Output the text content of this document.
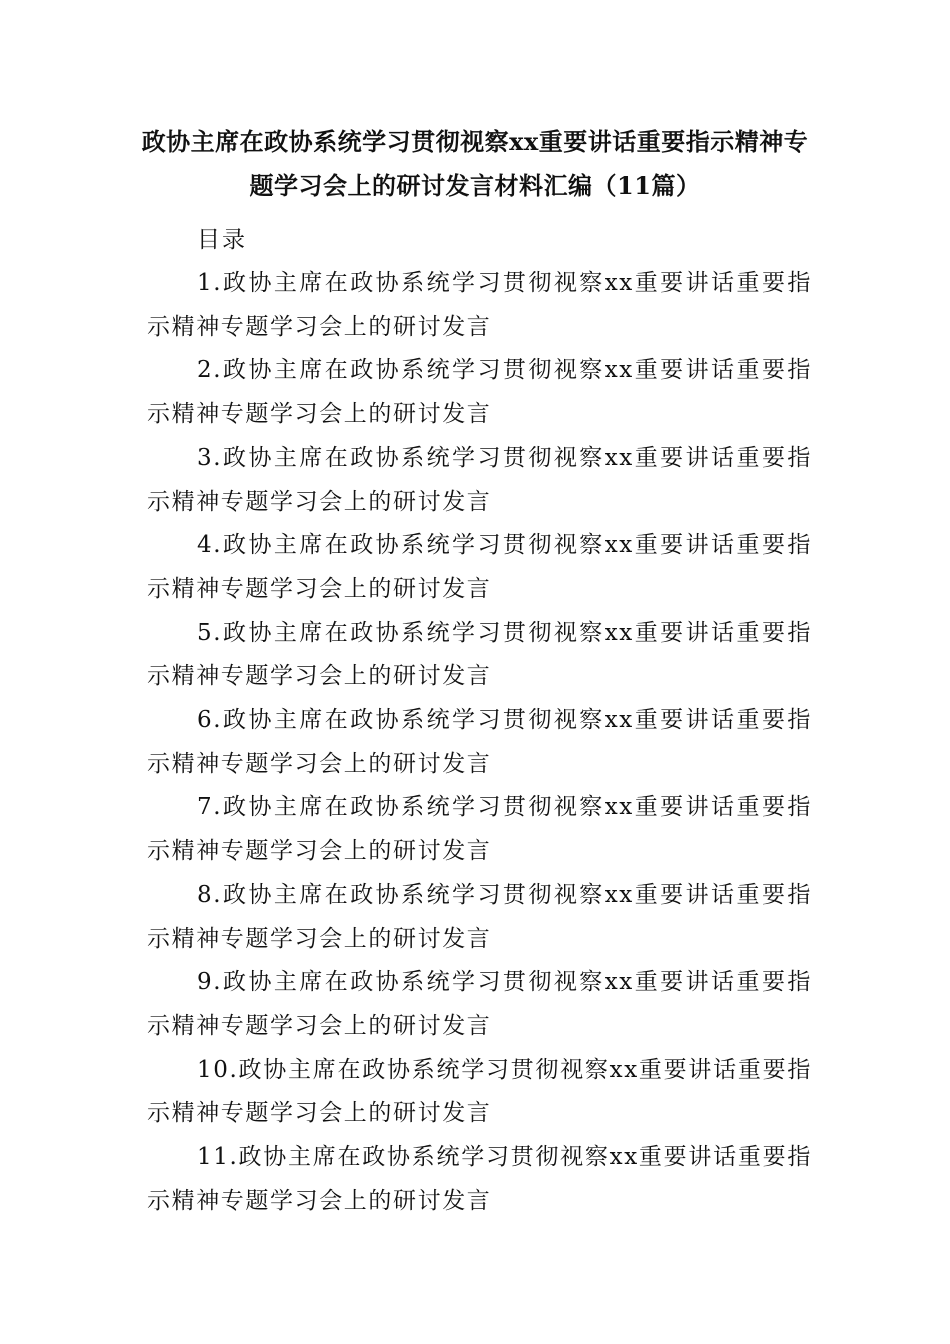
政协主席在政协系统学习贯彻视察xx重要讲话重要指示精神专题学习会上的研讨发言材料汇编（11篇）

目录

1.政协主席在政协系统学习贯彻视察xx重要讲话重要指示精神专题学习会上的研讨发言
2.政协主席在政协系统学习贯彻视察xx重要讲话重要指示精神专题学习会上的研讨发言
3.政协主席在政协系统学习贯彻视察xx重要讲话重要指示精神专题学习会上的研讨发言
4.政协主席在政协系统学习贯彻视察xx重要讲话重要指示精神专题学习会上的研讨发言
5.政协主席在政协系统学习贯彻视察xx重要讲话重要指示精神专题学习会上的研讨发言
6.政协主席在政协系统学习贯彻视察xx重要讲话重要指示精神专题学习会上的研讨发言
7.政协主席在政协系统学习贯彻视察xx重要讲话重要指示精神专题学习会上的研讨发言
8.政协主席在政协系统学习贯彻视察xx重要讲话重要指示精神专题学习会上的研讨发言
9.政协主席在政协系统学习贯彻视察xx重要讲话重要指示精神专题学习会上的研讨发言
10.政协主席在政协系统学习贯彻视察xx重要讲话重要指示精神专题学习会上的研讨发言
11.政协主席在政协系统学习贯彻视察xx重要讲话重要指示精神专题学习会上的研讨发言
